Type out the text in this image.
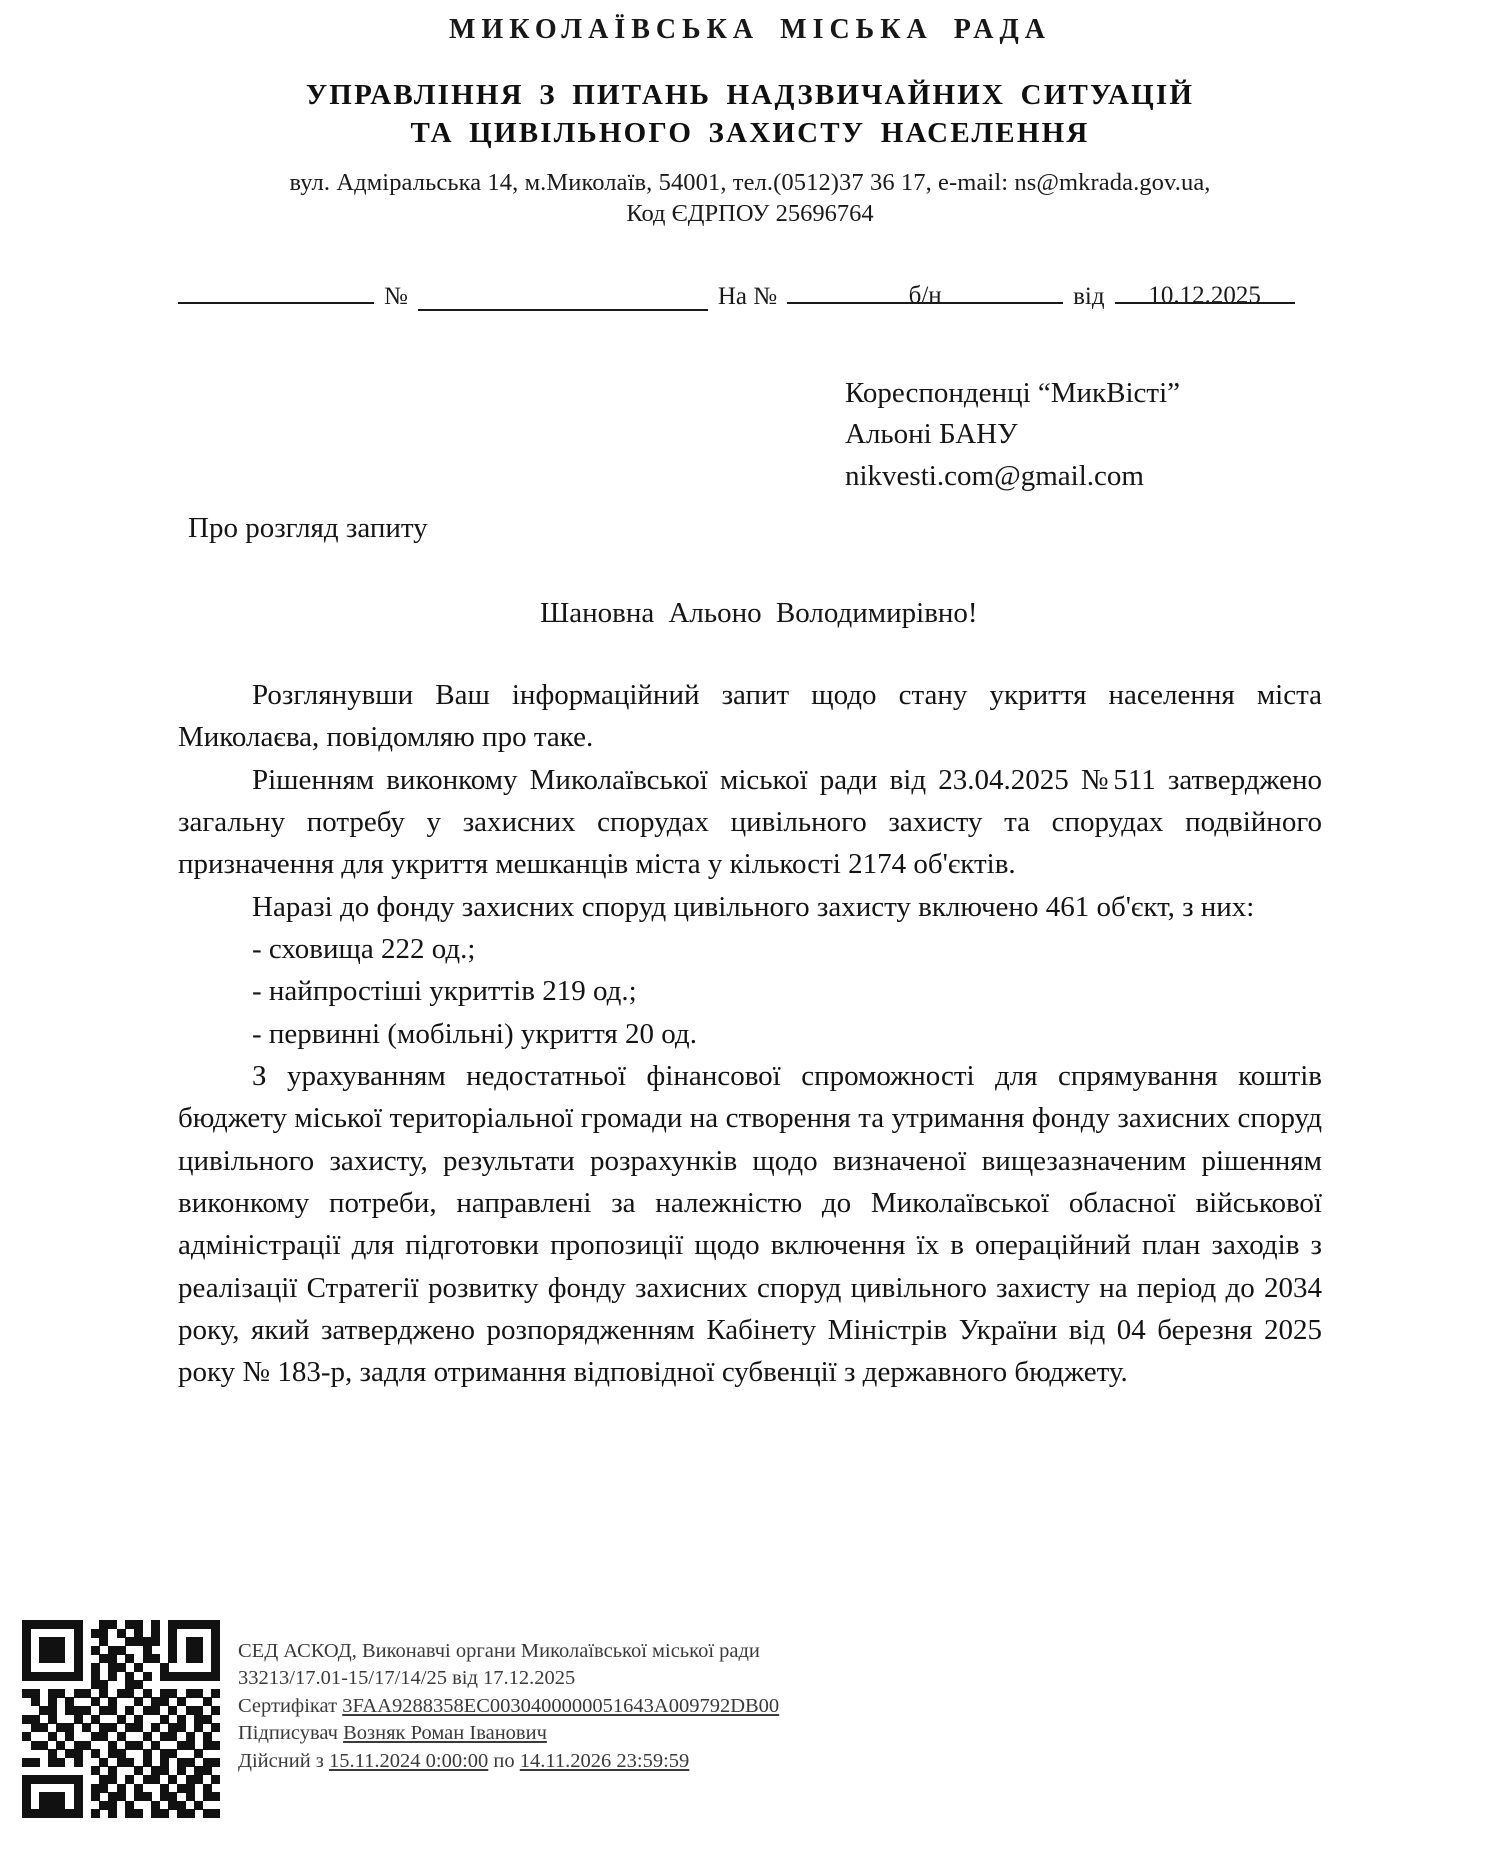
МИКОЛАЇВСЬКА МІСЬКА РАДА
УПРАВЛІННЯ З ПИТАНЬ НАДЗВИЧАЙНИХ СИТУАЦІЙ
ТА ЦИВІЛЬНОГО ЗАХИСТУ НАСЕЛЕННЯ
вул. Адміральська 14, м.Миколаїв, 54001, тел.(0512)37 36 17, e-mail: ns@mkrada.gov.ua,
Код ЄДРПОУ 25696764
№	На №	б/н	від	10.12.2025
Кореспонденці “МикВісті”
Альоні БАНУ
nikvesti.com@gmail.com
Про розгляд запиту
Шановна Альоно Володимирівно!

Розглянувши Ваш інформаційний запит щодо стану укриття населення міста Миколаєва, повідомляю про таке.

Рішенням виконкому Миколаївської міської ради від 23.04.2025 №511 затверджено загальну потребу у захисних спорудах цивільного захисту та спорудах подвійного призначення для укриття мешканців міста у кількості 2174 об'єктів.

Наразі до фонду захисних споруд цивільного захисту включено 461 об'єкт, з них:

- сховища 222 од.;
- найпростіші укриттів 219 од.;
- первинні (мобільні) укриття 20 од.

З урахуванням недостатньої фінансової спроможності для спрямування коштів бюджету міської територіальної громади на створення та утримання фонду захисних споруд цивільного захисту, результати розрахунків щодо визначеної вищезазначеним рішенням виконкому потреби, направлені за належністю до Миколаївської обласної військової адміністрації для підготовки пропозиції щодо включення їх в операційний план заходів з реалізації Стратегії розвитку фонду захисних споруд цивільного захисту на період до 2034 року, який затверджено розпорядженням Кабінету Міністрів України від 04 березня 2025 року № 183-р, задля отримання відповідної субвенції з державного бюджету.

СЕД АСКОД, Виконавчі органи Миколаївської міської ради
33213/17.01-15/17/14/25 від 17.12.2025
Сертифікат 3FAA9288358EC0030400000051643A009792DB00
Підписувач Возняк Роман Іванович
Дійсний з 15.11.2024 0:00:00 по 14.11.2026 23:59:59
